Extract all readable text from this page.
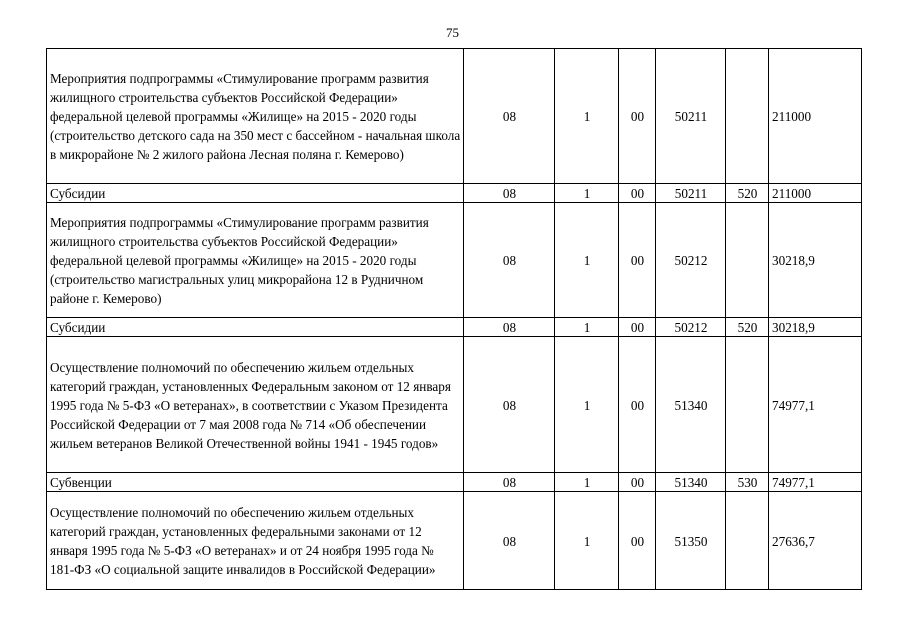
75
Мероприятия подпрограммы «Стимулирование программ развития жилищного строительства субъектов Российской Федерации» федеральной целевой программы «Жилище» на 2015 - 2020 годы (строительство детского сада на 350 мест с бассейном - начальная школа в микрорайоне № 2 жилого района Лесная поляна г. Кемерово)	08	1	00	50211		211000
Субсидии	08	1	00	50211	520	211000
Мероприятия подпрограммы «Стимулирование программ развития жилищного строительства субъектов Российской Федерации» федеральной целевой программы «Жилище» на 2015 - 2020 годы (строительство магистральных улиц микрорайона 12 в Рудничном районе г. Кемерово)	08	1	00	50212		30218,9
Субсидии	08	1	00	50212	520	30218,9
Осуществление полномочий по обеспечению жильем отдельных категорий граждан, установленных Федеральным законом от 12 января 1995 года № 5-ФЗ «О ветеранах», в соответствии с Указом Президента Российской Федерации от 7 мая 2008 года № 714 «Об обеспечении жильем ветеранов Великой Отечественной войны 1941 - 1945 годов»	08	1	00	51340		74977,1
Субвенции	08	1	00	51340	530	74977,1
Осуществление полномочий по обеспечению жильем отдельных категорий граждан, установленных федеральными законами от 12 января 1995 года № 5-ФЗ «О ветеранах» и от 24 ноября 1995 года № 181-ФЗ «О социальной защите инвалидов в Российской Федерации»	08	1	00	51350		27636,7
